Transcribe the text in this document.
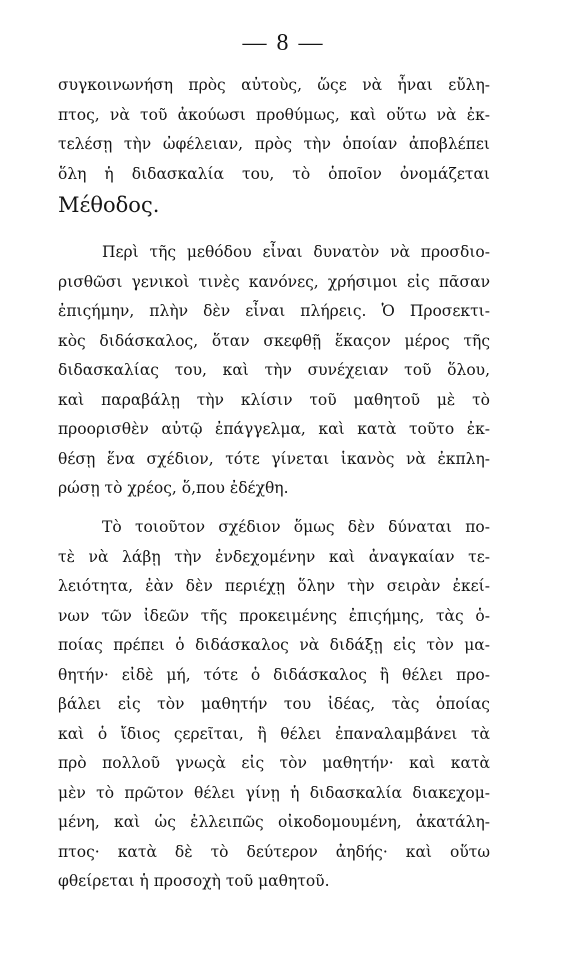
— 8 —
συγκοινωνήση πρὸς αὐτοὺς, ὥςε νὰ ἦναι εὔλη-
πτος, νὰ τοῦ ἀκούωσι προθύμως, καὶ οὕτω νὰ ἐκ-
τελέσῃ τὴν ὠφέλειαν, πρὸς τὴν ὁποίαν ἀποβλέπει
ὅλη ἡ διδασκαλία του, τὸ ὁποῖον ὀνομάζεται
Μέθοδος.
Περὶ τῆς μεθόδου εἶναι δυνατὸν νὰ προσδιο-
ρισθῶσι γενικοὶ τινὲς κανόνες, χρήσιμοι εἰς πᾶσαν
ἐπιςήμην, πλὴν δὲν εἶναι πλήρεις. Ὁ Προσεκτι-
κὸς διδάσκαλος, ὅταν σκεφθῇ ἕκαςον μέρος τῆς
διδασκαλίας του, καὶ τὴν συνέχειαν τοῦ ὅλου,
καὶ παραβάλῃ τὴν κλίσιν τοῦ μαθητοῦ μὲ τὸ
προορισθὲν αὐτῷ ἐπάγγελμα, καὶ κατὰ τοῦτο ἐκ-
θέσῃ ἕνα σχέδιον, τότε γίνεται ἱκανὸς νὰ ἐκπλη-
ρώσῃ τὸ χρέος, ὅ,που ἐδέχθη.
Τὸ τοιοῦτον σχέδιον ὅμως δὲν δύναται πο-
τὲ νὰ λάβῃ τὴν ἐνδεχομένην καὶ ἀναγκαίαν τε-
λειότητα, ἐὰν δὲν περιέχῃ ὅλην τὴν σειρὰν ἐκεί-
νων τῶν ἰδεῶν τῆς προκειμένης ἐπιςήμης, τὰς ὁ-
ποίας πρέπει ὁ διδάσκαλος νὰ διδάξῃ εἰς τὸν μα-
θητήν· εἰδὲ μή, τότε ὁ διδάσκαλος ἢ θέλει προ-
βάλει εἰς τὸν μαθητήν του ἰδέας, τὰς ὁποίας
καὶ ὁ ἴδιος ςερεῖται, ἢ θέλει ἐπαναλαμβάνει τὰ
πρὸ πολλοῦ γνωςὰ εἰς τὸν μαθητήν· καὶ κατὰ
μὲν τὸ πρῶτον θέλει γίνῃ ἡ διδασκαλία διακεχομ-
μένη, καὶ ὡς ἐλλειπῶς οἰκοδομουμένη, ἀκατάλη-
πτος· κατὰ δὲ τὸ δεύτερον ἀηδής· καὶ οὕτω
φθείρεται ἡ προσοχὴ τοῦ μαθητοῦ.
